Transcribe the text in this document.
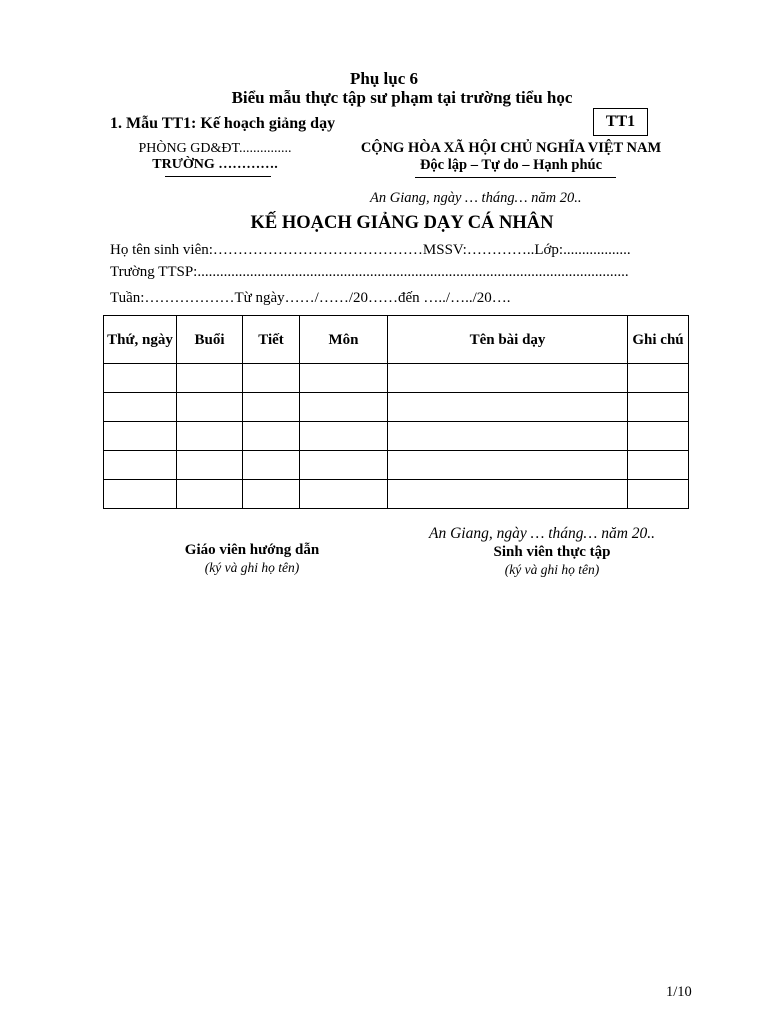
Phụ lục 6
Biểu mẫu thực tập sư phạm tại trường tiểu học
1. Mẫu TT1: Kế hoạch giảng dạy	TT1
PHÒNG GD&ĐT...............
TRƯỜNG ………….
CỘNG HÒA XÃ HỘI CHỦ NGHĨA VIỆT NAM
Độc lập – Tự do – Hạnh phúc
An Giang, ngày … tháng… năm 20..
KẾ HOẠCH GIẢNG DẠY CÁ NHÂN
Họ tên sinh viên:……………………………………MSSV:…………..Lớp:..................
Trường TTSP:...................................................................................................................
Tuần:………………Từ ngày……/……/20……đến …../…../20….
Thứ, ngày	Buổi	Tiết	Môn	Tên bài dạy	Ghi chú

An Giang, ngày … tháng… năm 20..
Giáo viên hướng dẫn
(ký và ghi họ tên)
Sinh viên thực tập
(ký và ghi họ tên)
1/10
